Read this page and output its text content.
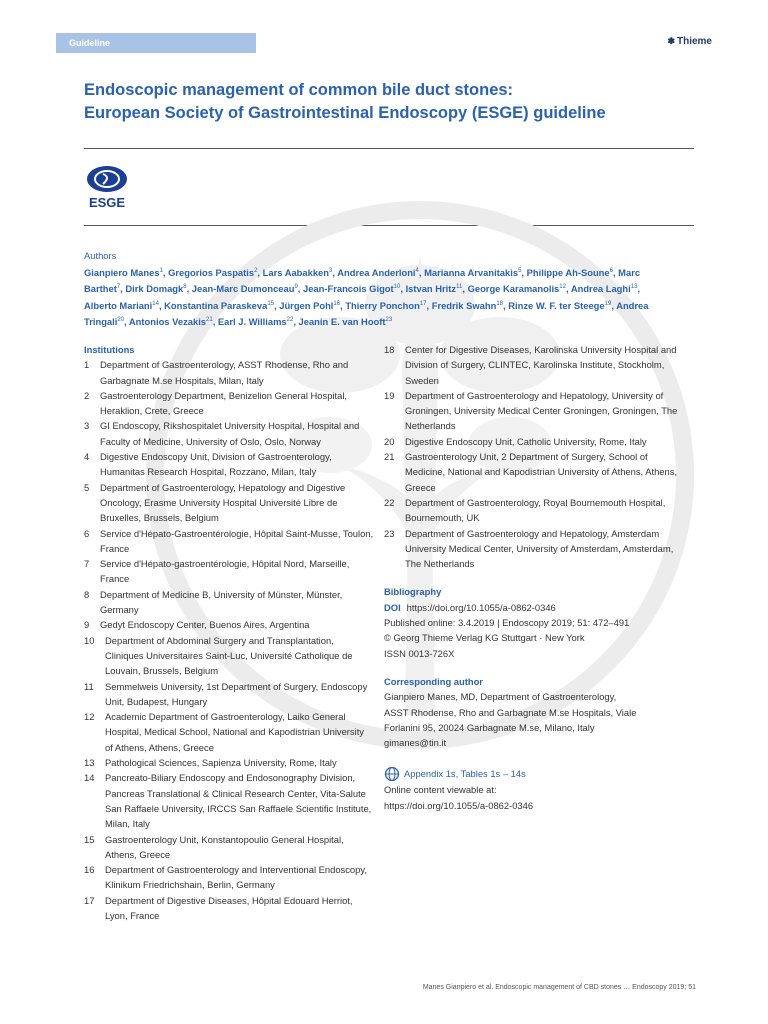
Guideline	✽ Thieme
Endoscopic management of common bile duct stones:
European Society of Gastrointestinal Endoscopy (ESGE) guideline
ESGE
Authors
Gianpiero Manes$^1$, Gregorios Paspatis$^2$, Lars Aabakken$^3$, Andrea Anderloni$^4$, Marianna Arvanitakis$^5$, Philippe Ah-Soune$^6$, Marc Barthet$^7$, Dirk Domagk$^8$, Jean-Marc Dumonceau$^9$, Jean-Francois Gigot$^{10}$, Istvan Hritz$^{11}$, George Karamanolis$^{12}$, Andrea Laghi$^{13}$, Alberto Mariani$^{14}$, Konstantina Paraskeva$^{15}$, Jürgen Pohl$^{16}$, Thierry Ponchon$^{17}$, Fredrik Swahn$^{18}$, Rinze W. F. ter Steege$^{19}$, Andrea Tringali$^{20}$, Antonios Vezakis$^{21}$, Earl J. Williams$^{22}$, Jeanin E. van Hooft$^{23}$
Institutions
1	Department of Gastroenterology, ASST Rhodense, Rho and Garbagnate M.se Hospitals, Milan, Italy
2	Gastroenterology Department, Benizelion General Hospital, Heraklion, Crete, Greece
3	GI Endoscopy, Rikshospitalet University Hospital, Hospital and Faculty of Medicine, University of Oslo, Oslo, Norway
4	Digestive Endoscopy Unit, Division of Gastroenterology, Humanitas Research Hospital, Rozzano, Milan, Italy
5	Department of Gastroenterology, Hepatology and Digestive Oncology, Erasme University Hospital Université Libre de Bruxelles, Brussels, Belgium
6	Service d'Hépato-Gastroentérologie, Hôpital Saint-Musse, Toulon, France
7	Service d'Hépato-gastroentérologie, Hôpital Nord, Marseille, France
8	Department of Medicine B, University of Münster, Münster, Germany
9	Gedyt Endoscopy Center, Buenos Aires, Argentina
10	Department of Abdominal Surgery and Transplantation, Cliniques Universitaires Saint-Luc, Université Catholique de Louvain, Brussels, Belgium
11	Semmelweis University, 1st Department of Surgery, Endoscopy Unit, Budapest, Hungary
12	Academic Department of Gastroenterology, Laiko General Hospital, Medical School, National and Kapodistrian University of Athens, Athens, Greece
13	Pathological Sciences, Sapienza University, Rome, Italy
14	Pancreato-Biliary Endoscopy and Endosonography Division, Pancreas Translational & Clinical Research Center, Vita-Salute San Raffaele University, IRCCS San Raffaele Scientific Institute, Milan, Italy
15	Gastroenterology Unit, Konstantopoulio General Hospital, Athens, Greece
16	Department of Gastroenterology and Interventional Endoscopy, Klinikum Friedrichshain, Berlin, Germany
17	Department of Digestive Diseases, Hôpital Edouard Herriot, Lyon, France
18	Center for Digestive Diseases, Karolinska University Hospital and Division of Surgery, CLINTEC, Karolinska Institute, Stockholm, Sweden
19	Department of Gastroenterology and Hepatology, University of Groningen, University Medical Center Groningen, Groningen, The Netherlands
20	Digestive Endoscopy Unit, Catholic University, Rome, Italy
21	Gastroenterology Unit, 2 Department of Surgery, School of Medicine, National and Kapodistrian University of Athens, Athens, Greece
22	Department of Gastroenterology, Royal Bournemouth Hospital, Bournemouth, UK
23	Department of Gastroenterology and Hepatology, Amsterdam University Medical Center, University of Amsterdam, Amsterdam, The Netherlands
Bibliography
DOI https://doi.org/10.1055/a-0862-0346
Published online: 3.4.2019 | Endoscopy 2019; 51: 472–491
© Georg Thieme Verlag KG Stuttgart · New York
ISSN 0013-726X
Corresponding author
Gianpiero Manes, MD, Department of Gastroenterology,
ASST Rhodense, Rho and Garbagnate M.se Hospitals, Viale
Forlanini 95, 20024 Garbagnate M.se, Milano, Italy
gimanes@tin.it
Appendix 1s, Tables 1s – 14s
Online content viewable at:
https://doi.org/10.1055/a-0862-0346
Manes Gianpiero et al. Endoscopic management of CBD stones … Endoscopy 2019; 51
